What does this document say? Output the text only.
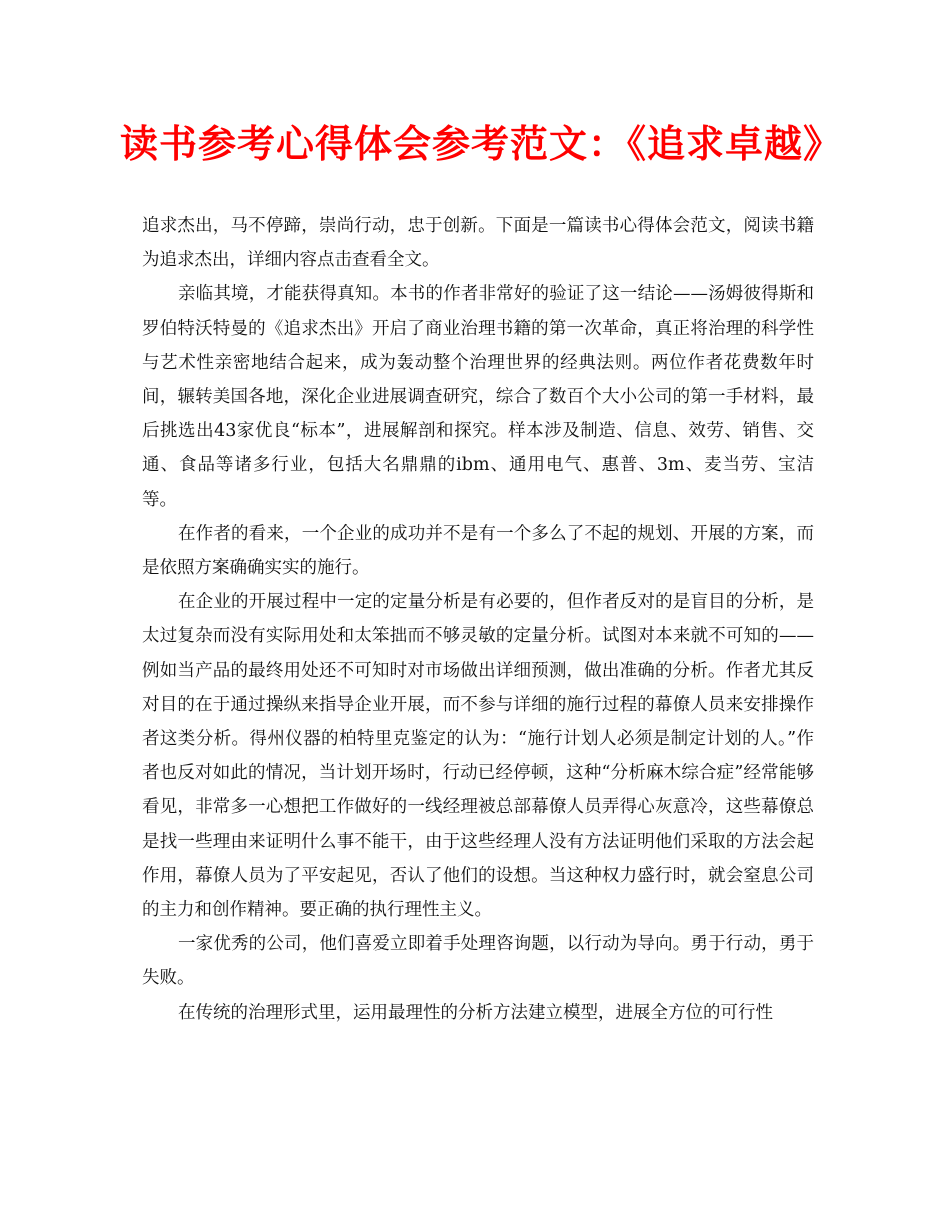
读书参考心得体会参考范文：《追求卓越》

追求杰出，马不停蹄，崇尚行动，忠于创新。下面是一篇读书心得体会范文，阅读书籍为追求杰出，详细内容点击查看全文。

亲临其境，才能获得真知。本书的作者非常好的验证了这一结论——汤姆彼得斯和罗伯特沃特曼的《追求杰出》开启了商业治理书籍的第一次革命，真正将治理的科学性与艺术性亲密地结合起来，成为轰动整个治理世界的经典法则。两位作者花费数年时间，辗转美国各地，深化企业进展调查研究，综合了数百个大小公司的第一手材料，最后挑选出43家优良“标本”，进展解剖和探究。样本涉及制造、信息、效劳、销售、交通、食品等诸多行业，包括大名鼎鼎的ibm、通用电气、惠普、3m、麦当劳、宝洁等。

在作者的看来，一个企业的成功并不是有一个多么了不起的规划、开展的方案，而是依照方案确确实实的施行。

在企业的开展过程中一定的定量分析是有必要的，但作者反对的是盲目的分析，是太过复杂而没有实际用处和太笨拙而不够灵敏的定量分析。试图对本来就不可知的——例如当产品的最终用处还不可知时对市场做出详细预测，做出准确的分析。作者尤其反对目的在于通过操纵来指导企业开展，而不参与详细的施行过程的幕僚人员来安排操作者这类分析。得州仪器的柏特里克鉴定的认为：“施行计划人必须是制定计划的人。”作者也反对如此的情况，当计划开场时，行动已经停顿，这种“分析麻木综合症”经常能够看见，非常多一心想把工作做好的一线经理被总部幕僚人员弄得心灰意冷，这些幕僚总是找一些理由来证明什么事不能干，由于这些经理人没有方法证明他们采取的方法会起作用，幕僚人员为了平安起见，否认了他们的设想。当这种权力盛行时，就会窒息公司的主力和创作精神。要正确的执行理性主义。

一家优秀的公司，他们喜爱立即着手处理咨询题，以行动为导向。勇于行动，勇于失败。

在传统的治理形式里，运用最理性的分析方法建立模型，进展全方位的可行性
